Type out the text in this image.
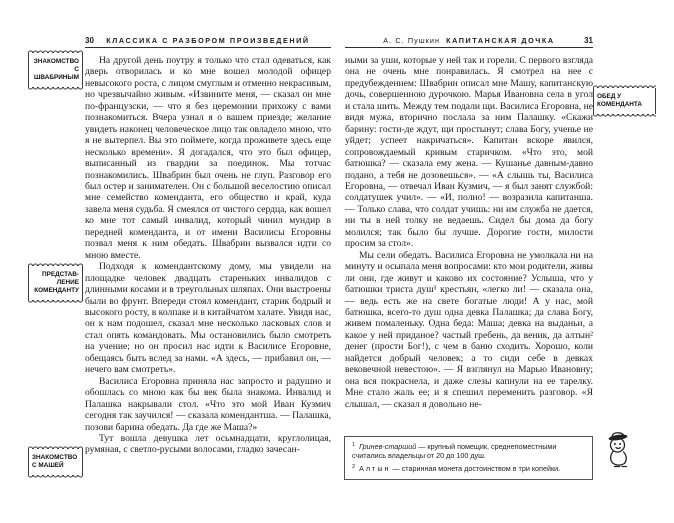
30	КЛАССИКА С РАЗБОРОМ ПРОИЗВЕДЕНИЙ	А. С. Пушкин КАПИТАНСКАЯ ДОЧКА	31

На другой день поутру я только что стал одеваться, как дверь отворилась и ко мне вошел молодой офицер невысокого роста, с лицом смуглым и отменно некрасивым, но чрезвычайно живым. «Извините меня, — сказал он мне по-французски, — что я без церемонии прихожу с вами познакомиться. Вчера узнал я о вашем приезде; желание увидеть наконец человеческое лицо так овладело мною, что я не вытерпел. Вы это поймете, когда проживете здесь еще несколько времени». Я догадался, что это был офицер, выписанный из гвардии за поединок. Мы тотчас познакомились. Швабрин был очень не глуп. Разговор его был остер и занимателен. Он с большой веселостию описал мне семейство коменданта, его общество и край, куда завела меня судьба. Я смеялся от чистого сердца, как вошел ко мне тот самый инвалид, который чинил мундир в передней коменданта, и от имени Василисы Егоровны позвал меня к ним обедать. Швабрин вызвался идти со мною вместе.

Подходя к комендантскому дому, мы увидели на площадке человек двадцать стареньких инвалидов с длинными косами и в треугольных шляпах. Они выстроены были во фрунт. Впереди стоял комендант, старик бодрый и высокого росту, в колпаке и в китайчатом халате. Увидя нас, он к нам подошел, сказал мне несколько ласковых слов и стал опять командовать. Мы остановились было смотреть на учение; но он просил нас идти к Василисе Егоровне, обещаясь быть вслед за нами. «А здесь, — прибавил он, — нечего вам смотреть».

Василиса Егоровна приняла нас запросто и радушно и обошлась со мною как бы век была знакома. Инвалид и Палашка накрывали стол. «Что это мой Иван Кузмич сегодня так заучился! — сказала комендантша. — Палашка, позови барина обедать. Да где же Маша?»

Тут вошла девушка лет осьмнадцати, круглолицая, румяная, с светло-русыми волосами, гладко зачесан-

ными за уши, которые у ней так и горели. С первого взгляда она не очень мне понравилась. Я смотрел на нее с предубеждением: Швабрин описал мне Машу, капитанскую дочь, совершенною дурочкою. Марья Ивановна села в угол и стала шить. Между тем подали щи. Василиса Егоровна, не видя мужа, вторично послала за ним Палашку. «Скажи барину: гости-де ждут, щи простынут; слава Богу, ученье не уйдет; успеет накричаться». Капитан вскоре явился, сопровождаемый кривым старичком. «Что это, мой батюшка? — сказала ему жена. — Кушанье давным-давно подано, а тебя не дозовешься». — «А слышь ты, Василиса Егоровна, — отвечал Иван Кузмич, — я был занят службой: солдатушек учил». — «И, полно! — возразила капитанша. — Только слава, что солдат учишь: ни им служба не дается, ни ты в ней толку не ведаешь. Сидел бы дома да богу молился; так было бы лучше. Дорогие гости, милости просим за стол».

Мы сели обедать. Василиса Егоровна не умолкала ни на минуту и осыпала меня вопросами: кто мои родители, живы ли они, где живут и каково их состояние? Услыша, что у батюшки триста душ¹ крестьян, «легко ли! — сказала она, — ведь есть же на свете богатые люди! А у нас, мой батюшка, всего-то душ одна девка Палашка; да слава Богу, живем помаленьку. Одна беда: Маша; девка на выданьи, а какое у ней приданое? частый гребень, да веник, да алтын² денег (прости Бог!), с чем в баню сходить. Хорошо, коли найдется добрый человек; а то сиди себе в девках вековечной невестою». — Я взглянул на Марью Ивановну; она вся покраснела, и даже слезы капнули на ее тарелку. Мне стало жаль ее; и я спешил переменить разговор. «Я слышал, — сказал я довольно не-

ЗНАКОМСТВО
С ШВАБРИНЫМ
ПРЕДСТАВ-
ЛЕНИЕ
КОМЕНДАНТУ
ЗНАКОМСТВО
С МАШЕЙ
ОБЕД У
КОМЕНДАНТА

$^1$ Гринев-старший — крупный помещик, среднепоместными считались владельцы от 20 до 100 душ.

$^2$ Алтын — старинная монета достоинством в три копейки.
